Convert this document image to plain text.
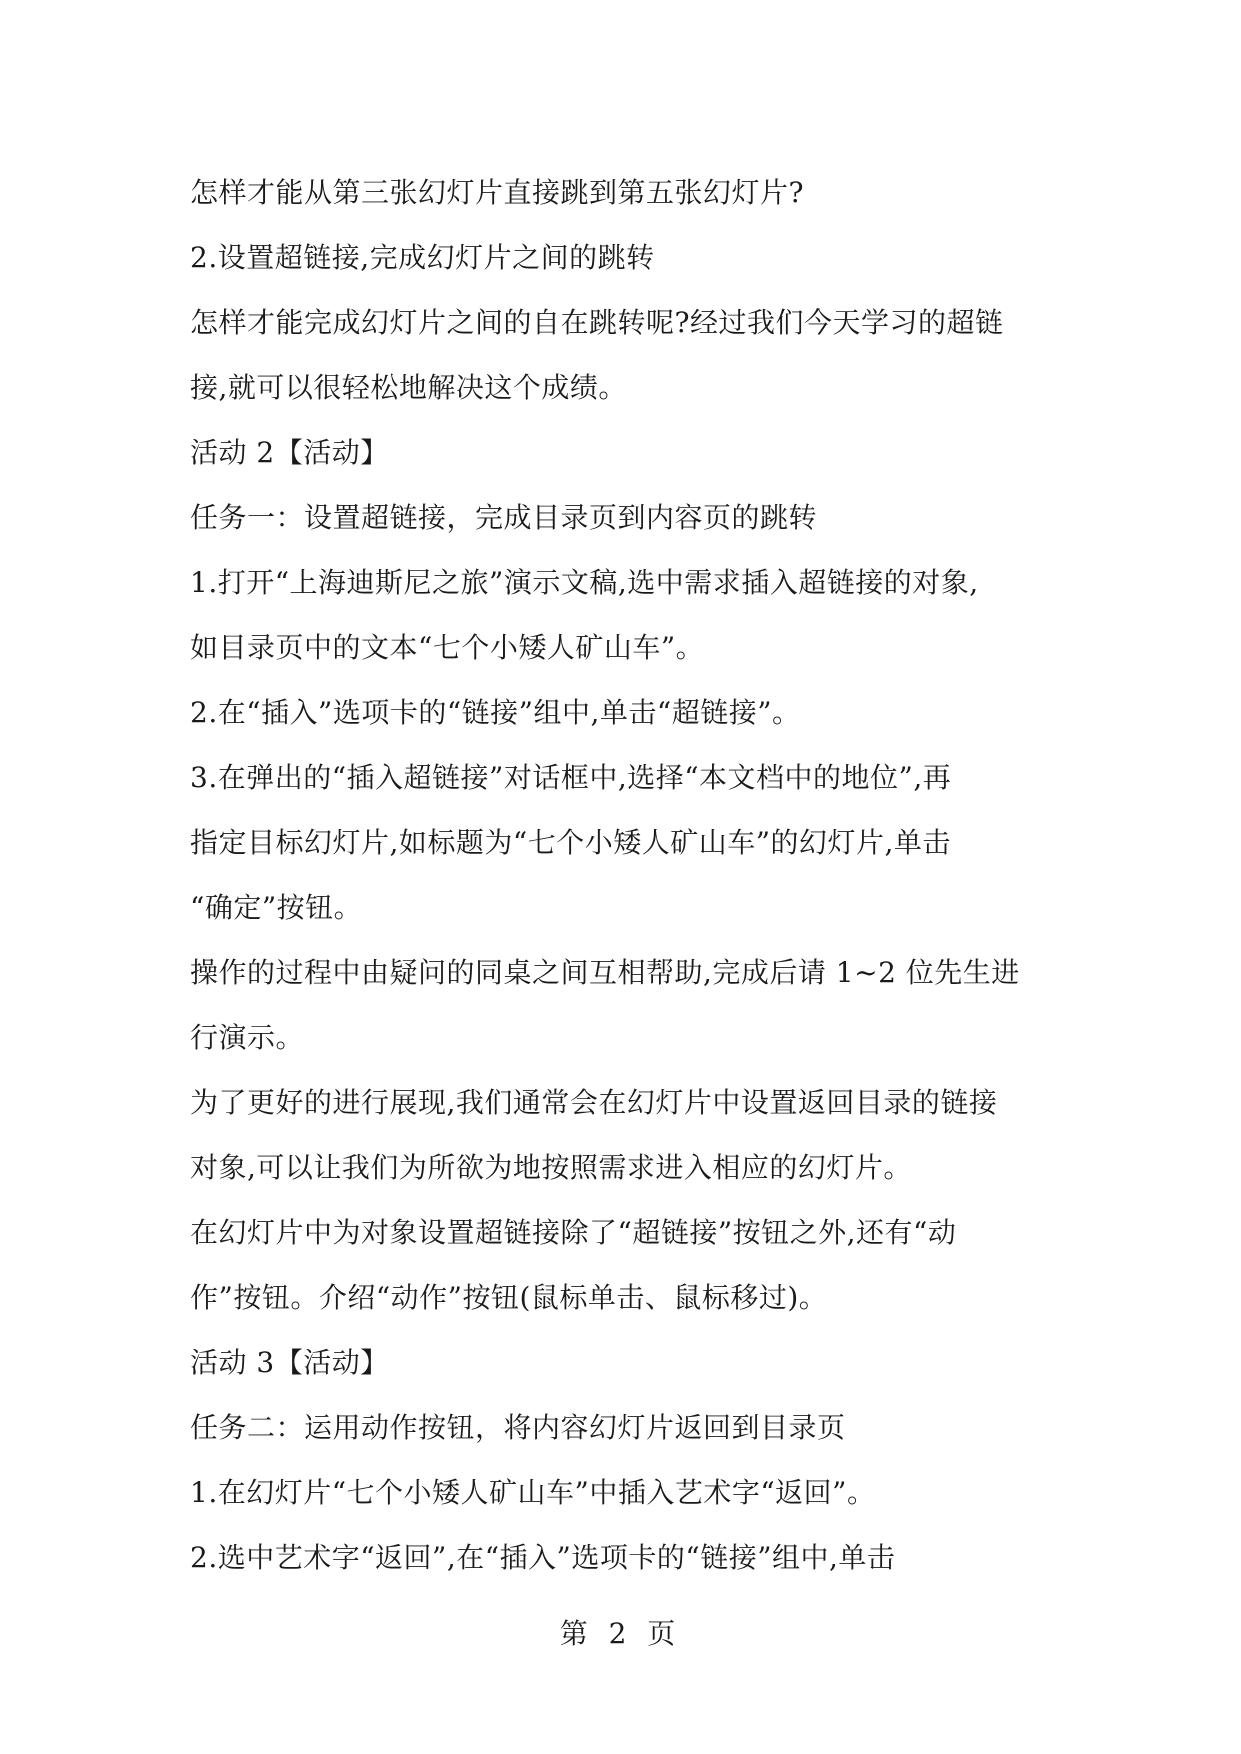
怎样才能从第三张幻灯片直接跳到第五张幻灯片?
2.设置超链接,完成幻灯片之间的跳转
怎样才能完成幻灯片之间的自在跳转呢?经过我们今天学习的超链
接,就可以很轻松地解决这个成绩。
活动 2【活动】
任务一：设置超链接，完成目录页到内容页的跳转
1.打开“上海迪斯尼之旅”演示文稿,选中需求插入超链接的对象,
如目录页中的文本“七个小矮人矿山车”。
2.在“插入”选项卡的“链接”组中,单击“超链接”。
3.在弹出的“插入超链接”对话框中,选择“本文档中的地位”,再
指定目标幻灯片,如标题为“七个小矮人矿山车”的幻灯片,单击
“确定”按钮。
操作的过程中由疑问的同桌之间互相帮助,完成后请 1~2 位先生进
行演示。
为了更好的进行展现,我们通常会在幻灯片中设置返回目录的链接
对象,可以让我们为所欲为地按照需求进入相应的幻灯片。
在幻灯片中为对象设置超链接除了“超链接”按钮之外,还有“动
作”按钮。介绍“动作”按钮(鼠标单击、鼠标移过)。
活动 3【活动】
任务二：运用动作按钮，将内容幻灯片返回到目录页
1.在幻灯片“七个小矮人矿山车”中插入艺术字“返回”。
2.选中艺术字“返回”,在“插入”选项卡的“链接”组中,单击
第 2 页
